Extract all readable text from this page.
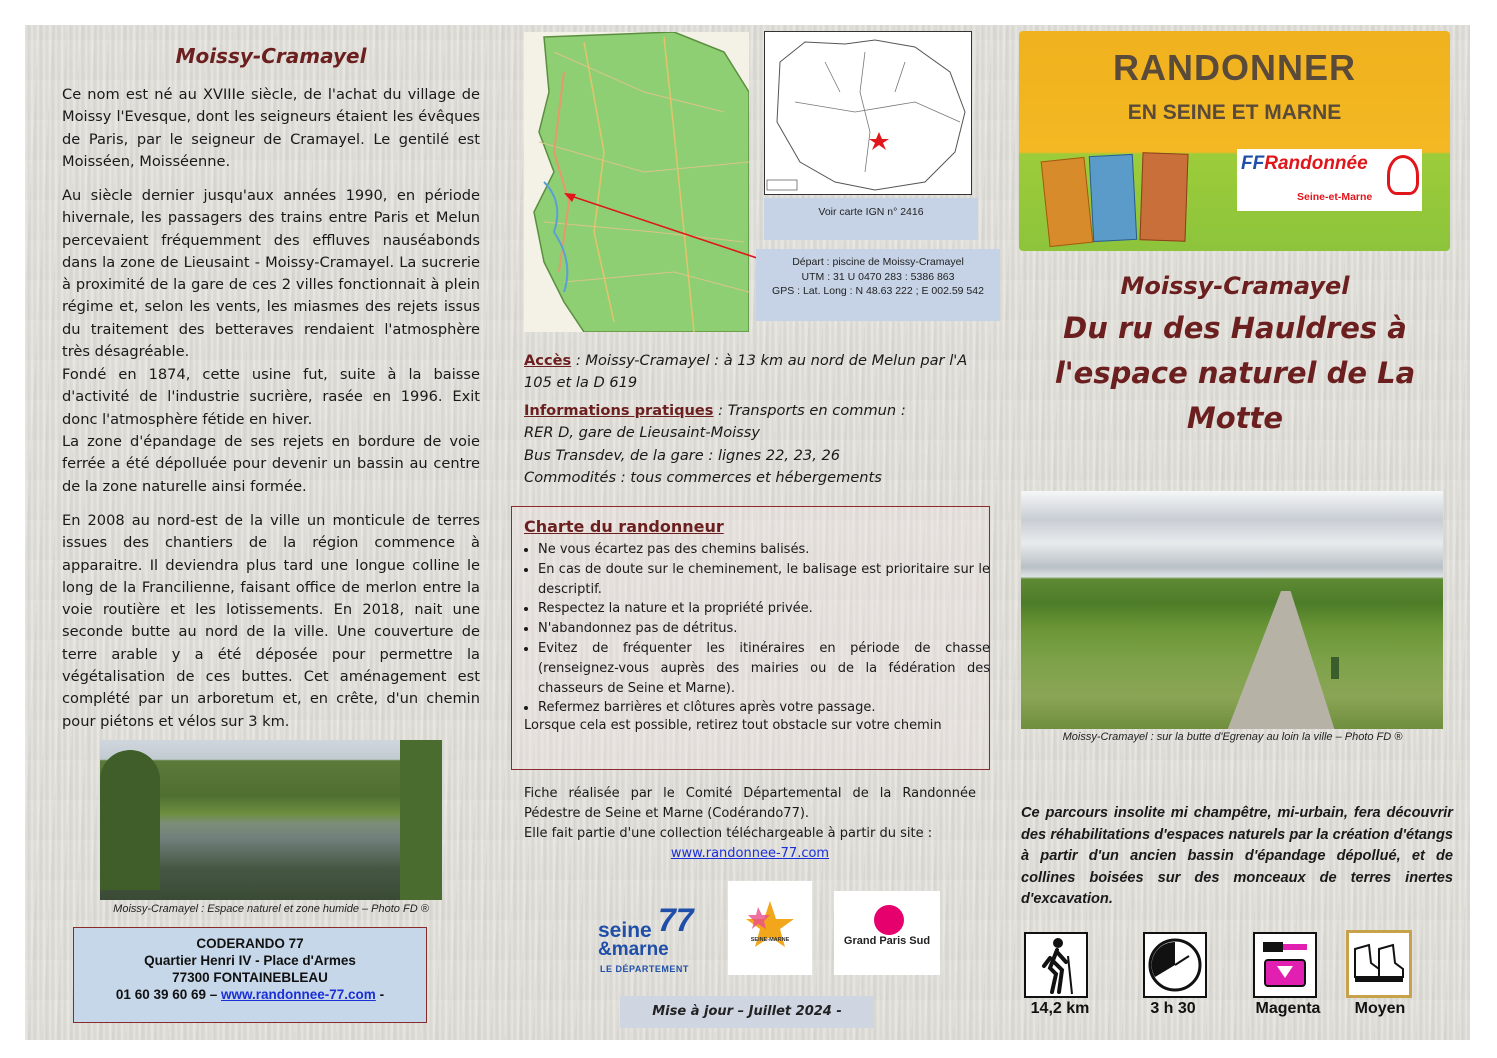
Moissy-Cramayel
Ce nom est né au XVIIIe siècle, de l'achat du village de Moissy l'Evesque, dont les seigneurs étaient les évêques de Paris, par le seigneur de Cramayel. Le gentilé est Moisséen, Moisséenne.
Au siècle dernier jusqu'aux années 1990, en période hivernale, les passagers des trains entre Paris et Melun percevaient fréquemment des effluves nauséabonds dans la zone de Lieusaint - Moissy-Cramayel. La sucrerie à proximité de la gare de ces 2 villes fonctionnait à plein régime et, selon les vents, les miasmes des rejets issus du traitement des betteraves rendaient l'atmosphère très désagréable.
Fondé en 1874, cette usine fut, suite à la baisse d'activité de l'industrie sucrière, rasée en 1996. Exit donc l'atmosphère fétide en hiver.
La zone d'épandage de ses rejets en bordure de voie ferrée a été dépolluée pour devenir un bassin au centre de la zone naturelle ainsi formée.
En 2008 au nord-est de la ville un monticule de terres issues des chantiers de la région commence à apparaitre. Il deviendra plus tard une longue colline le long de la Francilienne, faisant office de merlon entre la voie routière et les lotissements. En 2018, nait une seconde butte au nord de la ville. Une couverture de terre arable y a été déposée pour permettre la végétalisation de ces buttes. Cet aménagement est complété par un arboretum et, en crête, d'un chemin pour piétons et vélos sur 3 km.
Moissy-Cramayel : Espace naturel et zone humide – Photo FD ®
CODERANDO 77
Quartier Henri IV - Place d'Armes
77300 FONTAINEBLEAU
01 60 39 60 69 – www.randonnee-77.com -
Voir carte IGN n° 2416
Départ : piscine de Moissy-Cramayel
UTM : 31 U 0470 283 : 5386 863
GPS : Lat. Long : N 48.63 222 ; E 002.59 542
Accès : Moissy-Cramayel : à 13 km au nord de Melun par l'A 105 et la D 619
Informations pratiques : Transports en commun :
RER D, gare de Lieusaint-Moissy
Bus Transdev, de la gare : lignes 22, 23, 26
Commodités : tous commerces et hébergements
Charte du randonneur
• Ne vous écartez pas des chemins balisés.
• En cas de doute sur le cheminement, le balisage est prioritaire sur le descriptif.
• Respectez la nature et la propriété privée.
• N'abandonnez pas de détritus.
• Evitez de fréquenter les itinéraires en période de chasse (renseignez-vous auprès des mairies ou de la fédération des chasseurs de Seine et Marne).
• Refermez barrières et clôtures après votre passage.
Lorsque cela est possible, retirez tout obstacle sur votre chemin
Fiche réalisée par le Comité Départemental de la Randonnée Pédestre de Seine et Marne (Codérando77).
Elle fait partie d'une collection téléchargeable à partir du site :
www.randonnee-77.com
seine 77
&marne
LE DÉPARTEMENT
SEINE-MARNE	Grand Paris Sud
Mise à jour – Juillet 2024 -
RANDONNER
EN SEINE ET MARNE
FFRandonnée
Seine-et-Marne
Moissy-Cramayel
Du ru des Hauldres à
l'espace naturel de La
Motte
Moissy-Cramayel : sur la butte d'Egrenay au loin la ville – Photo FD ®
Ce parcours insolite mi champêtre, mi-urbain, fera découvrir des réhabilitations d'espaces naturels par la création d'étangs à partir d'un ancien bassin d'épandage dépollué, et de collines boisées sur des monceaux de terres inertes d'excavation.
14,2 km	3 h 30	Magenta	Moyen
